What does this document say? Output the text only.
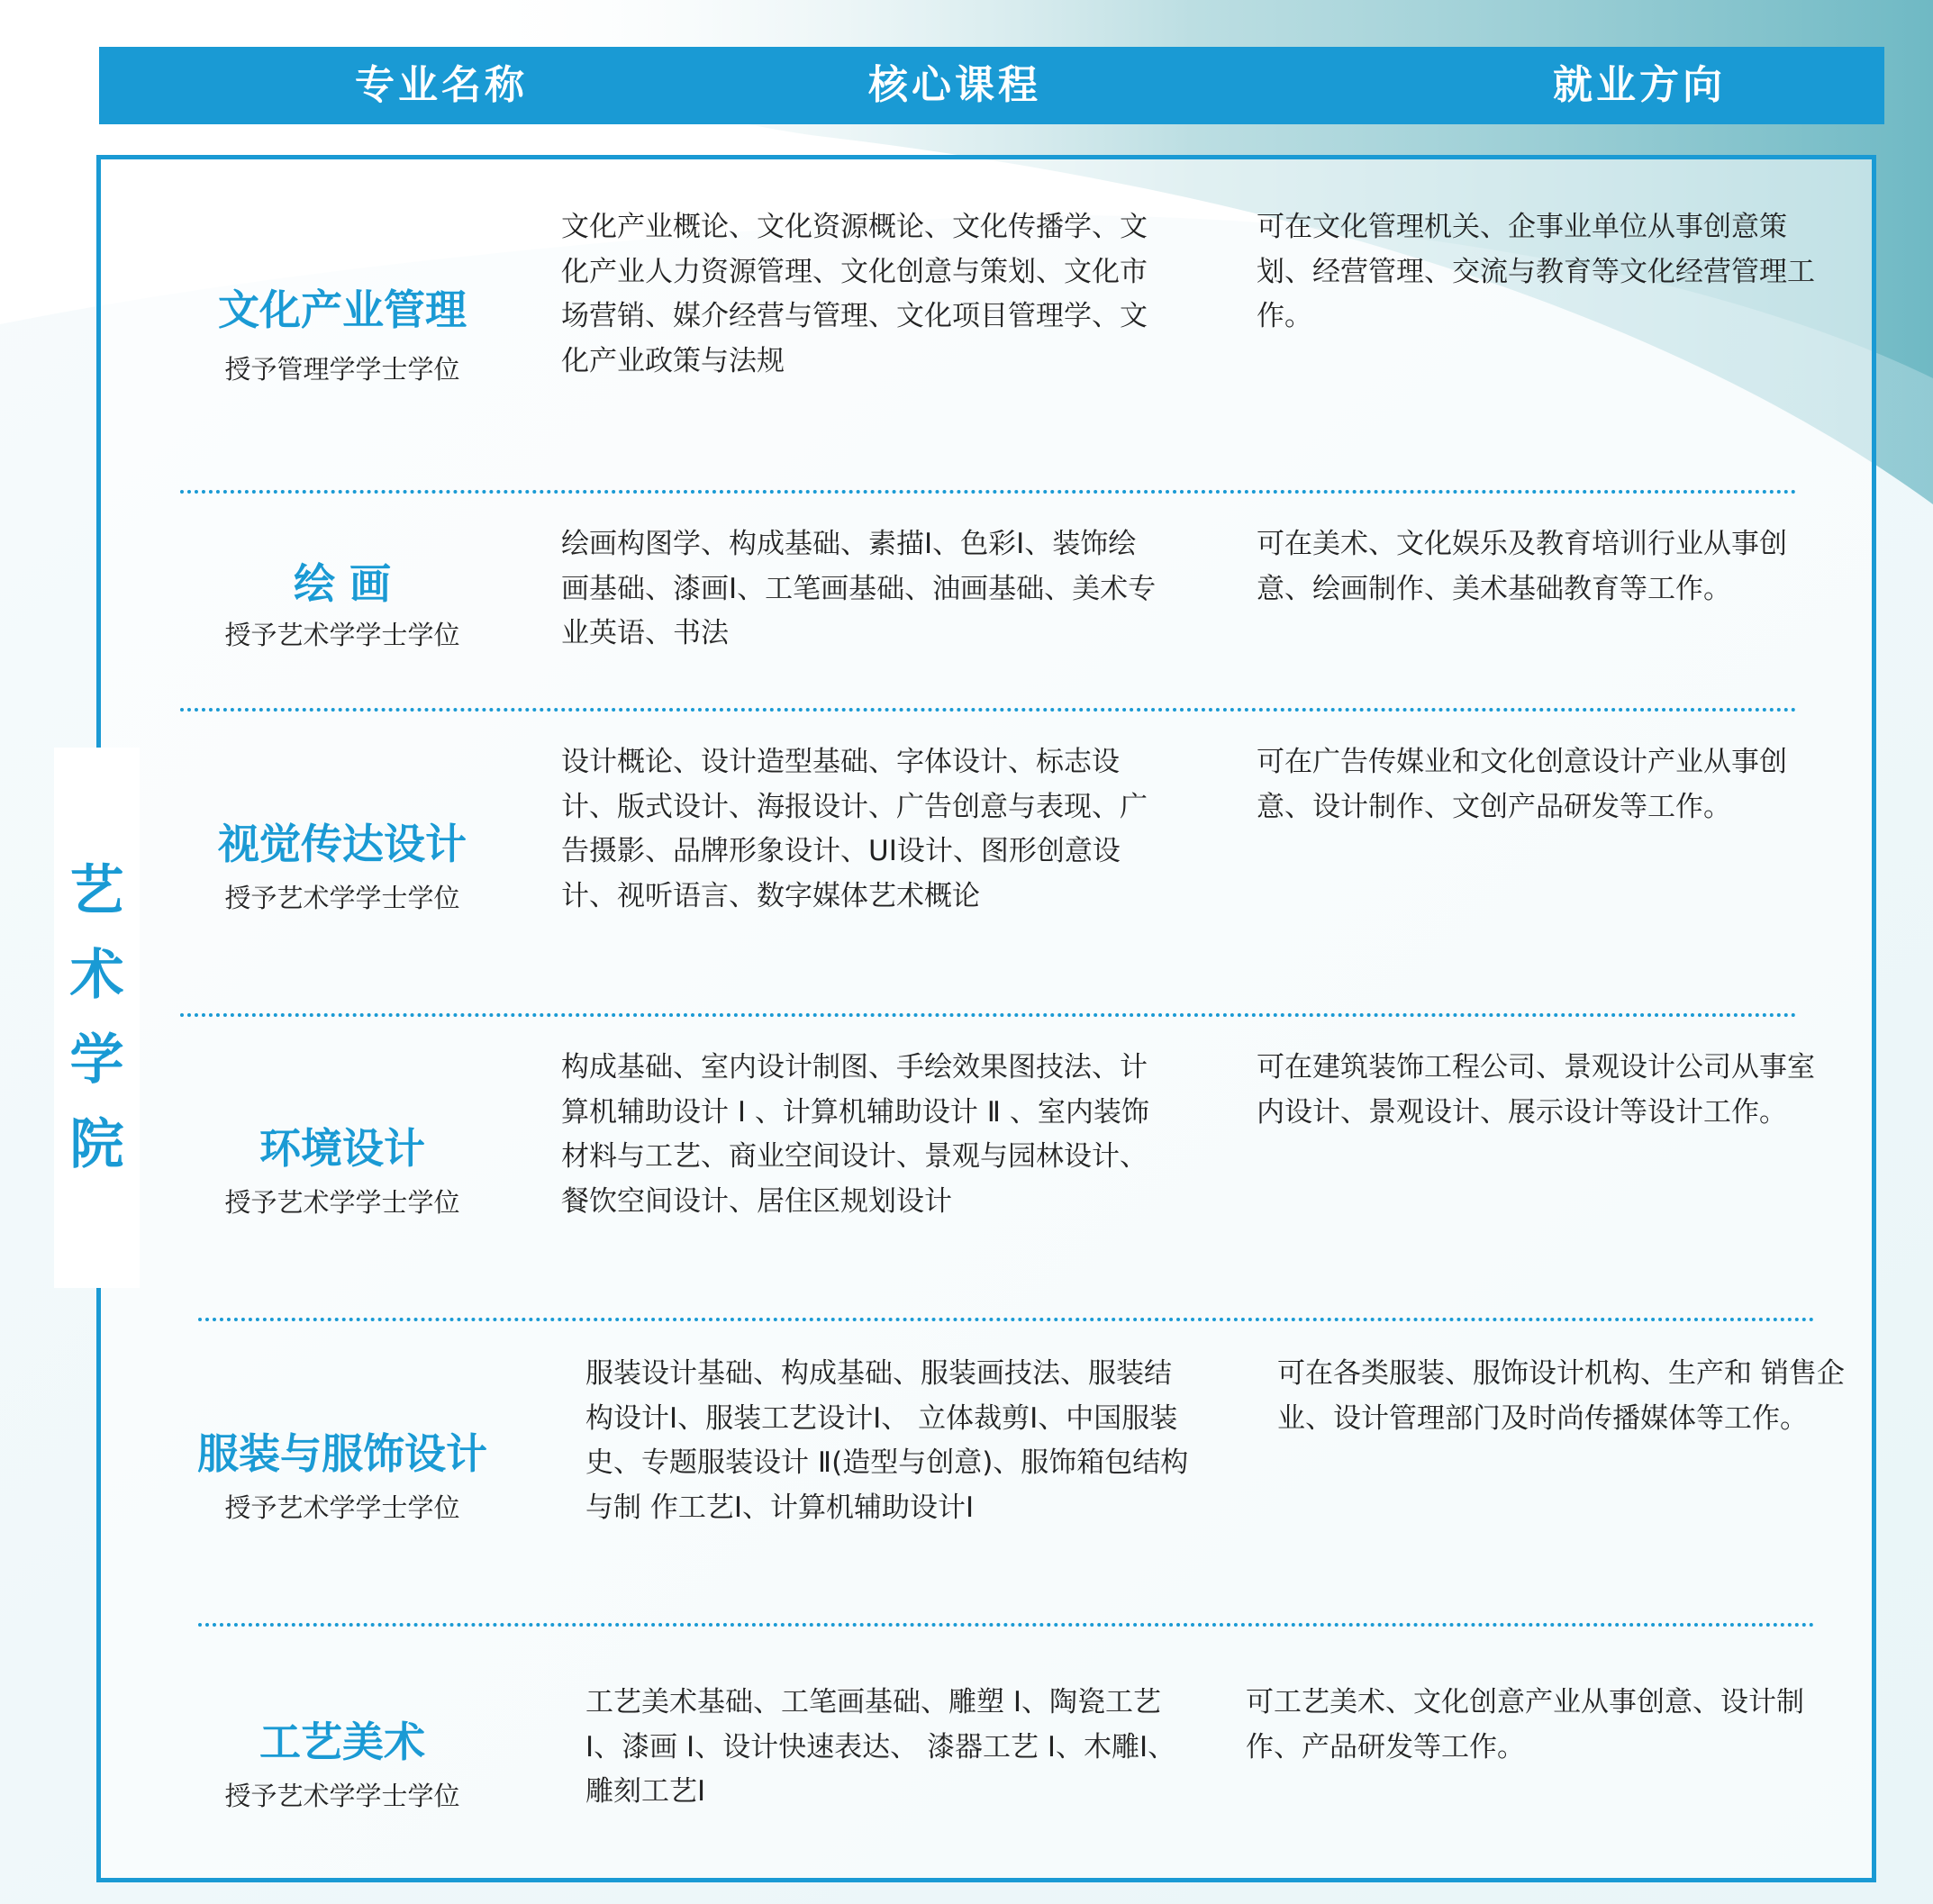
专业名称	核心课程	就业方向
艺
术
学
院
文化产业管理
授予管理学学士学位
文化产业概论、文化资源概论、文化传播学、文化产业人力资源管理、文化创意与策划、文化市场营销、媒介经营与管理、文化项目管理学、文化产业政策与法规
可在文化管理机关、企事业单位从事创意策划、经营管理、交流与教育等文化经营管理工作。
绘 画
授予艺术学学士学位
绘画构图学、构成基础、素描Ⅰ、色彩Ⅰ、装饰绘画基础、漆画Ⅰ、工笔画基础、油画基础、美术专业英语、书法
可在美术、文化娱乐及教育培训行业从事创意、绘画制作、美术基础教育等工作。
视觉传达设计
授予艺术学学士学位
设计概论、设计造型基础、字体设计、标志设计、版式设计、海报设计、广告创意与表现、广告摄影、品牌形象设计、UI设计、图形创意设计、视听语言、数字媒体艺术概论
可在广告传媒业和文化创意设计产业从事创意、设计制作、文创产品研发等工作。
环境设计
授予艺术学学士学位
构成基础、室内设计制图、手绘效果图技法、计算机辅助设计 Ⅰ 、计算机辅助设计 Ⅱ 、室内装饰材料与工艺、商业空间设计、景观与园林设计、餐饮空间设计、居住区规划设计
可在建筑装饰工程公司、景观设计公司从事室内设计、景观设计、展示设计等设计工作。
服装与服饰设计
授予艺术学学士学位
服装设计基础、构成基础、服装画技法、服装结构设计Ⅰ、服装工艺设计Ⅰ、 立体裁剪Ⅰ、中国服装史、专题服装设计 Ⅱ(造型与创意)、服饰箱包结构与制 作工艺Ⅰ、计算机辅助设计Ⅰ
可在各类服装、服饰设计机构、生产和 销售企业、设计管理部门及时尚传播媒体等工作。
工艺美术
授予艺术学学士学位
工艺美术基础、工笔画基础、雕塑 Ⅰ、陶瓷工艺 Ⅰ、漆画 Ⅰ、设计快速表达、 漆器工艺 Ⅰ、木雕Ⅰ、雕刻工艺Ⅰ
可工艺美术、文化创意产业从事创意、设计制作、产品研发等工作。
